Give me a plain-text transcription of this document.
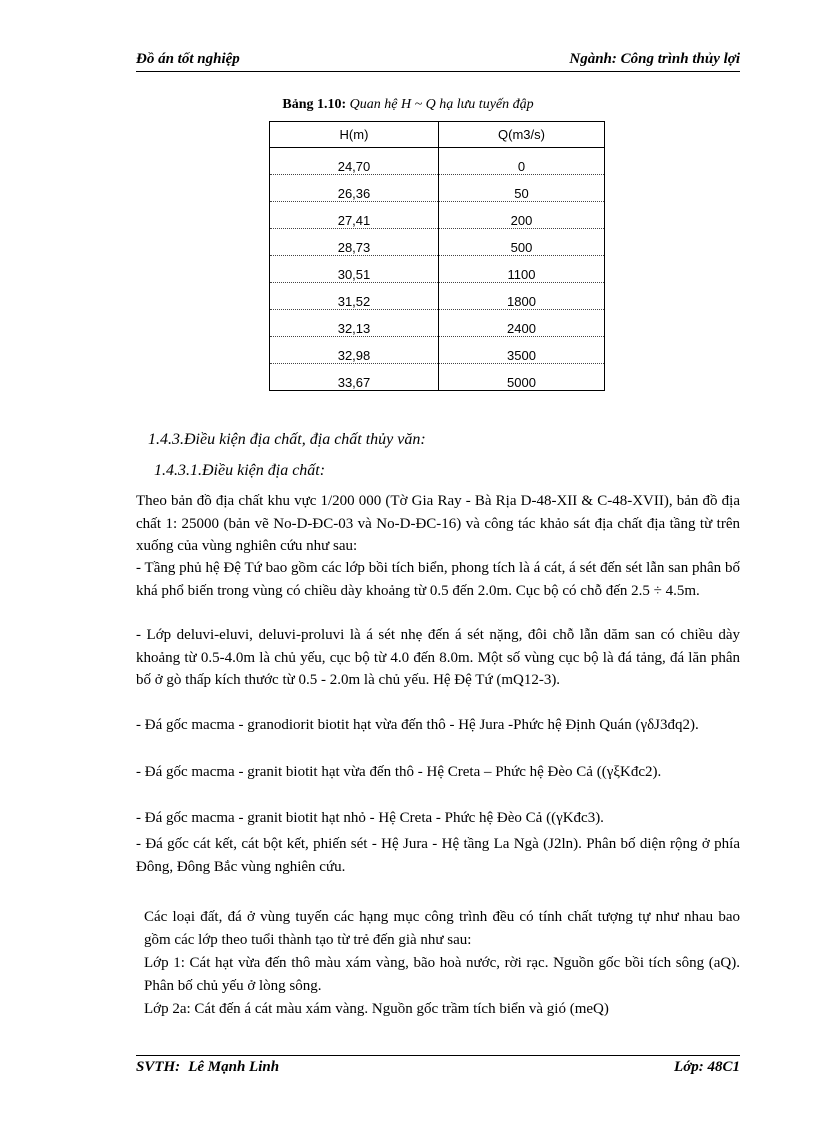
Đồ án tốt nghiệp	Ngành: Công trình thủy lợi
Bảng 1.10: Quan hệ H ~ Q hạ lưu tuyến đập
H(m)	Q(m3/s)
24,70	0
26,36	50
27,41	200
28,73	500
30,51	1100
31,52	1800
32,13	2400
32,98	3500
33,67	5000
1.4.3.Điều kiện địa chất, địa chất thủy văn:
1.4.3.1.Điều kiện địa chất:

Theo bản đồ địa chất khu vực 1/200 000 (Tờ Gia Ray - Bà Rịa D-48-XII & C-48-XVII), bản đồ địa chất 1: 25000 (bản vẽ No-D-ĐC-03 và No-D-ĐC-16) và công tác khảo sát địa chất địa tầng từ trên xuống của vùng nghiên cứu như sau:

- Tầng phủ hệ Đệ Tứ bao gồm các lớp bồi tích biển, phong tích là á cát, á sét đến sét lẫn san phân bố khá phổ biến trong vùng có chiều dày khoảng từ 0.5 đến 2.0m. Cục bộ có chỗ đến 2.5 ÷ 4.5m.

- Lớp deluvi-eluvi, deluvi-proluvi là á sét nhẹ đến á sét nặng, đôi chỗ lẫn dăm san có chiều dày khoảng từ 0.5-4.0m là chủ yếu, cục bộ từ 4.0 đến 8.0m. Một số vùng cục bộ là đá tảng, đá lăn phân bố ở gò thấp kích thước từ 0.5 - 2.0m là chủ yếu. Hệ Đệ Tứ (mQ12-3).

- Đá gốc macma - granodiorit biotit hạt vừa đến thô - Hệ Jura -Phức hệ Định Quán (γδJ3đq2).

- Đá gốc macma - granit biotit hạt vừa đến thô - Hệ Creta – Phức hệ Đèo Cả ((γξKđc2).

- Đá gốc macma - granit biotit hạt nhỏ - Hệ Creta - Phức hệ Đèo Cả ((γKđc3).

- Đá gốc cát kết, cát bột kết, phiến sét - Hệ Jura - Hệ tầng La Ngà (J2ln). Phân bố diện rộng ở phía Đông, Đông Bắc vùng nghiên cứu.

Các loại đất, đá ở vùng tuyến các hạng mục công trình đều có tính chất tượng tự như nhau bao gồm các lớp theo tuổi thành tạo từ trẻ đến già như sau:

Lớp 1: Cát hạt vừa đến thô màu xám vàng, bão hoà nước, rời rạc. Nguồn gốc bồi tích sông (aQ). Phân bố chủ yếu ở lòng sông.

Lớp 2a: Cát đến á cát màu xám vàng. Nguồn gốc trầm tích biển và gió (meQ)

SVTH: Lê Mạnh Linh	Lớp: 48C1
